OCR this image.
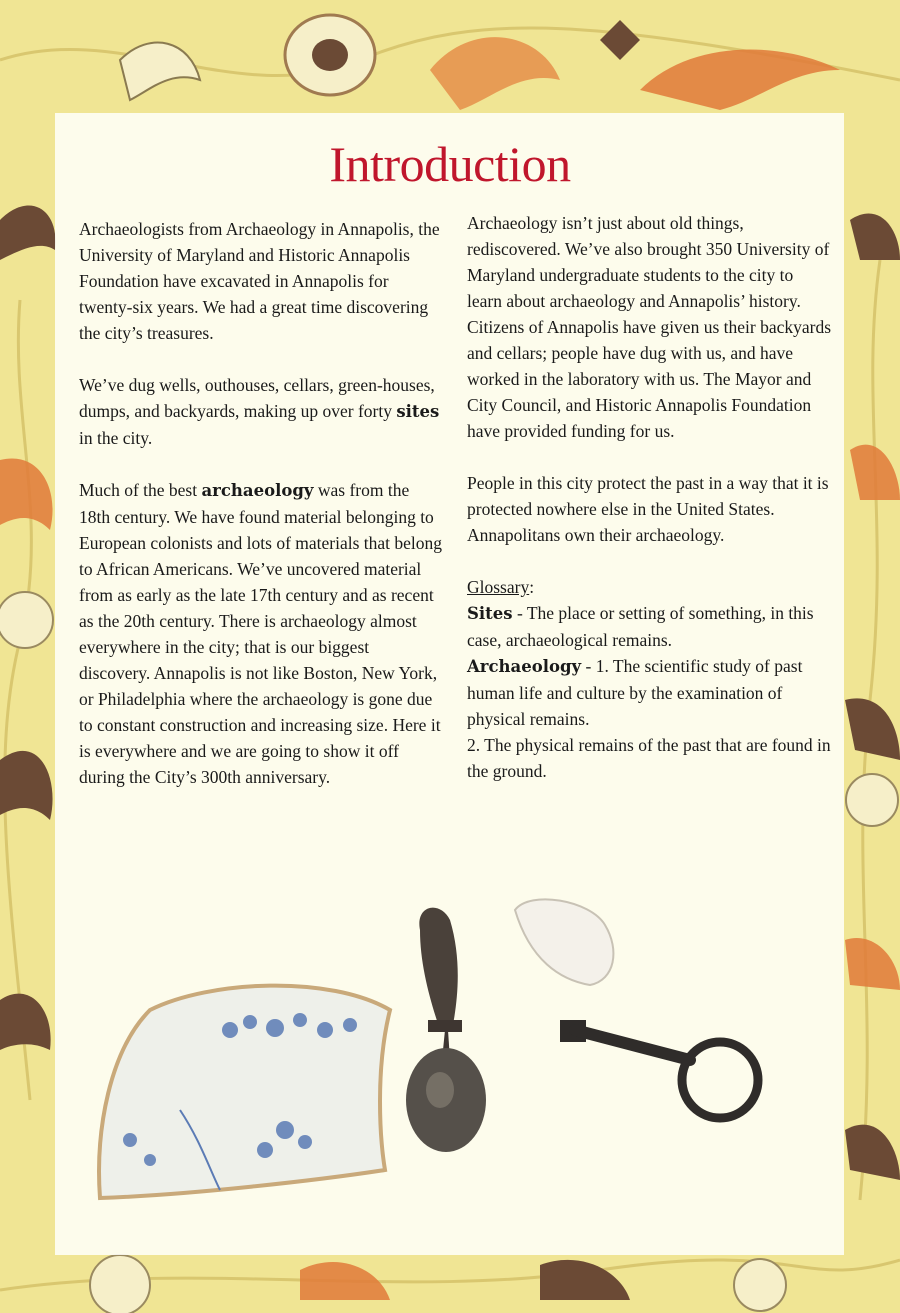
Introduction

Archaeologists from Archaeology in Annapolis, the University of Maryland and Historic Annapolis Foundation have excavated in Annapolis for twenty-six years. We had a great time discovering the city’s treasures.

We’ve dug wells, outhouses, cellars, green-houses, dumps, and backyards, making up over forty sites in the city.

Much of the best archaeology was from the 18th century. We have found material belonging to European colonists and lots of materials that belong to African Americans. We’ve uncovered material from as early as the late 17th century and as recent as the 20th century. There is archaeology almost everywhere in the city; that is our biggest discovery. Annapolis is not like Boston, New York, or Philadelphia where the archaeology is gone due to constant construction and increasing size. Here it is everywhere and we are going to show it off during the City’s 300th anniversary.

Archaeology isn’t just about old things, rediscovered. We’ve also brought 350 University of Maryland undergraduate students to the city to learn about archaeology and Annapolis’ history. Citizens of Annapolis have given us their backyards and cellars; people have dug with us, and have worked in the laboratory with us. The Mayor and City Council, and Historic Annapolis Foundation have provided funding for us.

People in this city protect the past in a way that it is protected nowhere else in the United States. Annapolitans own their archaeology.

Glossary:

Sites - The place or setting of something, in this case, archaeological remains.

Archaeology - 1. The scientific study of past human life and culture by the examination of physical remains.

2. The physical remains of the past that are found in the ground.
